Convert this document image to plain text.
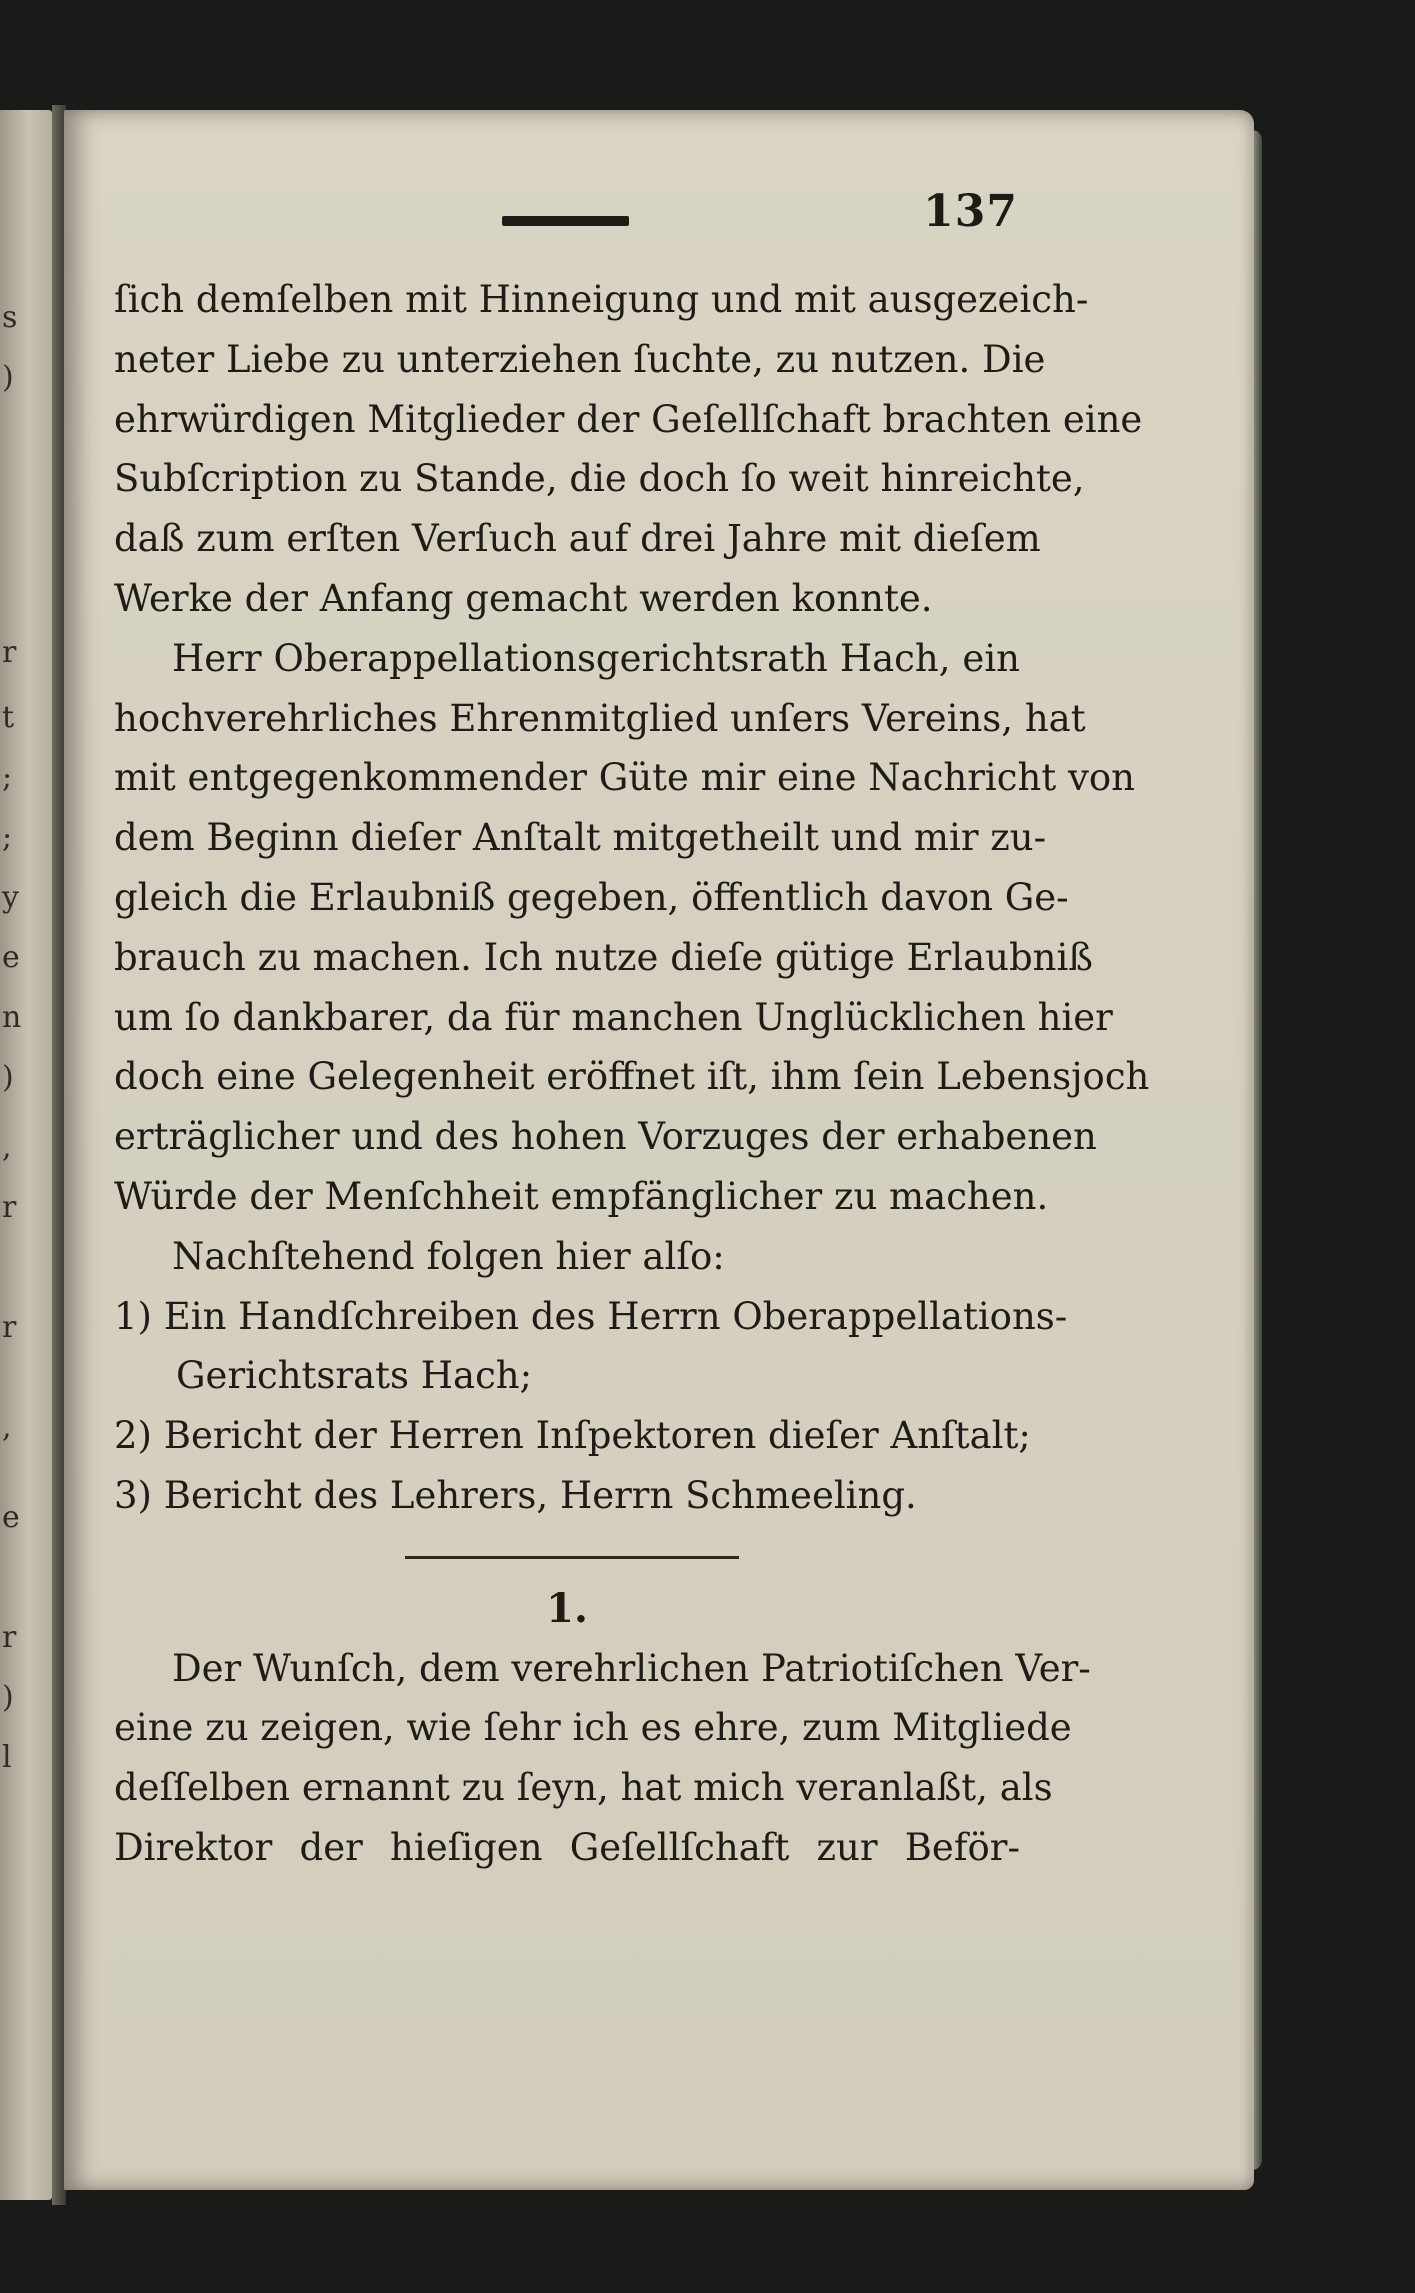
s
)
r
t
;
;
y
e
n
)
,
r
r
,
e
r
)
l
137
ſich demſelben mit Hinneigung und mit ausgezeich-
neter Liebe zu unterziehen ſuchte, zu nutzen. Die
ehrwürdigen Mitglieder der Geſellſchaft brachten eine
Subſcription zu Stande, die doch ſo weit hinreichte,
daß zum erſten Verſuch auf drei Jahre mit dieſem
Werke der Anfang gemacht werden konnte.
Herr Oberappellationsgerichtsrath Hach, ein
hochverehrliches Ehrenmitglied unſers Vereins, hat
mit entgegenkommender Güte mir eine Nachricht von
dem Beginn dieſer Anſtalt mitgetheilt und mir zu-
gleich die Erlaubniß gegeben, öffentlich davon Ge-
brauch zu machen. Ich nutze dieſe gütige Erlaubniß
um ſo dankbarer, da für manchen Unglücklichen hier
doch eine Gelegenheit eröffnet iſt, ihm ſein Lebensjoch
erträglicher und des hohen Vorzuges der erhabenen
Würde der Menſchheit empfänglicher zu machen.
Nachſtehend folgen hier alſo:
1) Ein Handſchreiben des Herrn Oberappellations-
Gerichtsrats Hach;
2) Bericht der Herren Inſpektoren dieſer Anſtalt;
3) Bericht des Lehrers, Herrn Schmeeling.
1.
Der Wunſch, dem verehrlichen Patriotiſchen Ver-
eine zu zeigen, wie ſehr ich es ehre, zum Mitgliede
deſſelben ernannt zu ſeyn, hat mich veranlaßt, als
Direktor der hieſigen Geſellſchaft zur Beför-
